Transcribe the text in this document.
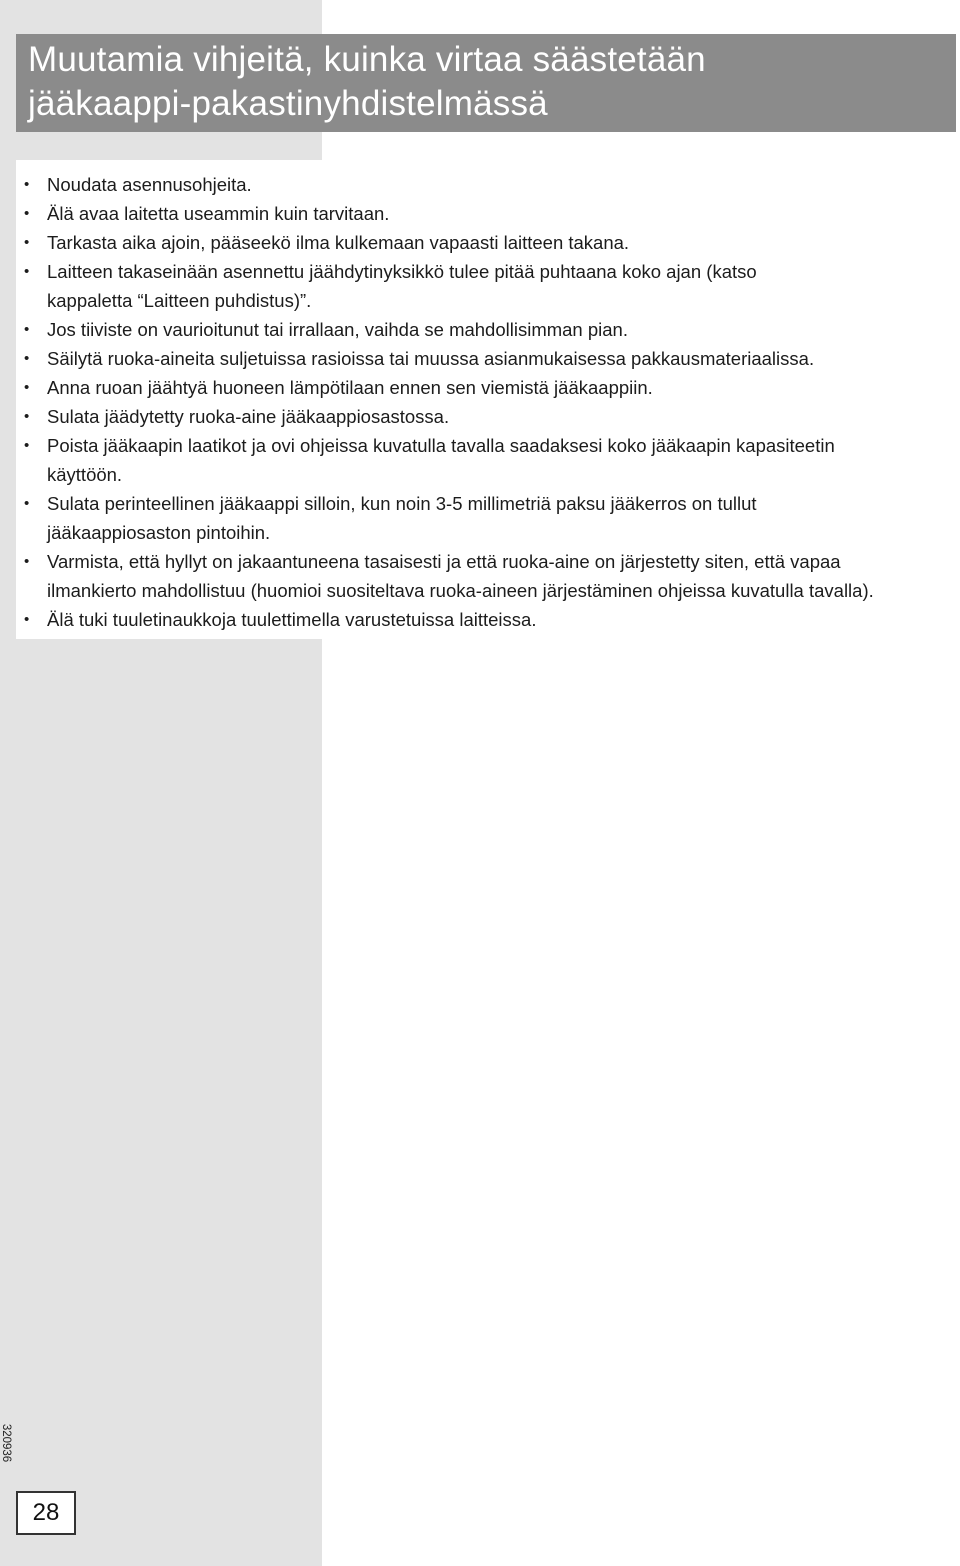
Muutamia vihjeitä, kuinka virtaa säästetään
jääkaappi-pakastinyhdistelmässä
• Noudata asennusohjeita.
• Älä avaa laitetta useammin kuin tarvitaan.
• Tarkasta aika ajoin, pääseekö ilma kulkemaan vapaasti laitteen takana.
• Laitteen takaseinään asennettu jäähdytinyksikkö tulee pitää puhtaana koko ajan (katso
kappaletta “Laitteen puhdistus)”.
• Jos tiiviste on vaurioitunut tai irrallaan, vaihda se mahdollisimman pian.
• Säilytä ruoka-aineita suljetuissa rasioissa tai muussa asianmukaisessa pakkausmateriaalissa.
• Anna ruoan jäähtyä huoneen lämpötilaan ennen sen viemistä jääkaappiin.
• Sulata jäädytetty ruoka-aine jääkaappiosastossa.
• Poista jääkaapin laatikot ja ovi ohjeissa kuvatulla tavalla saadaksesi koko jääkaapin kapasiteetin
käyttöön.
• Sulata perinteellinen jääkaappi silloin, kun noin 3-5 millimetriä paksu jääkerros on tullut
jääkaappiosaston pintoihin.
• Varmista, että hyllyt on jakaantuneena tasaisesti ja että ruoka-aine on järjestetty siten, että vapaa
ilmankierto mahdollistuu (huomioi suositeltava ruoka-aineen järjestäminen ohjeissa kuvatulla tavalla).
• Älä tuki tuuletinaukkoja tuulettimella varustetuissa laitteissa.
320936
28
